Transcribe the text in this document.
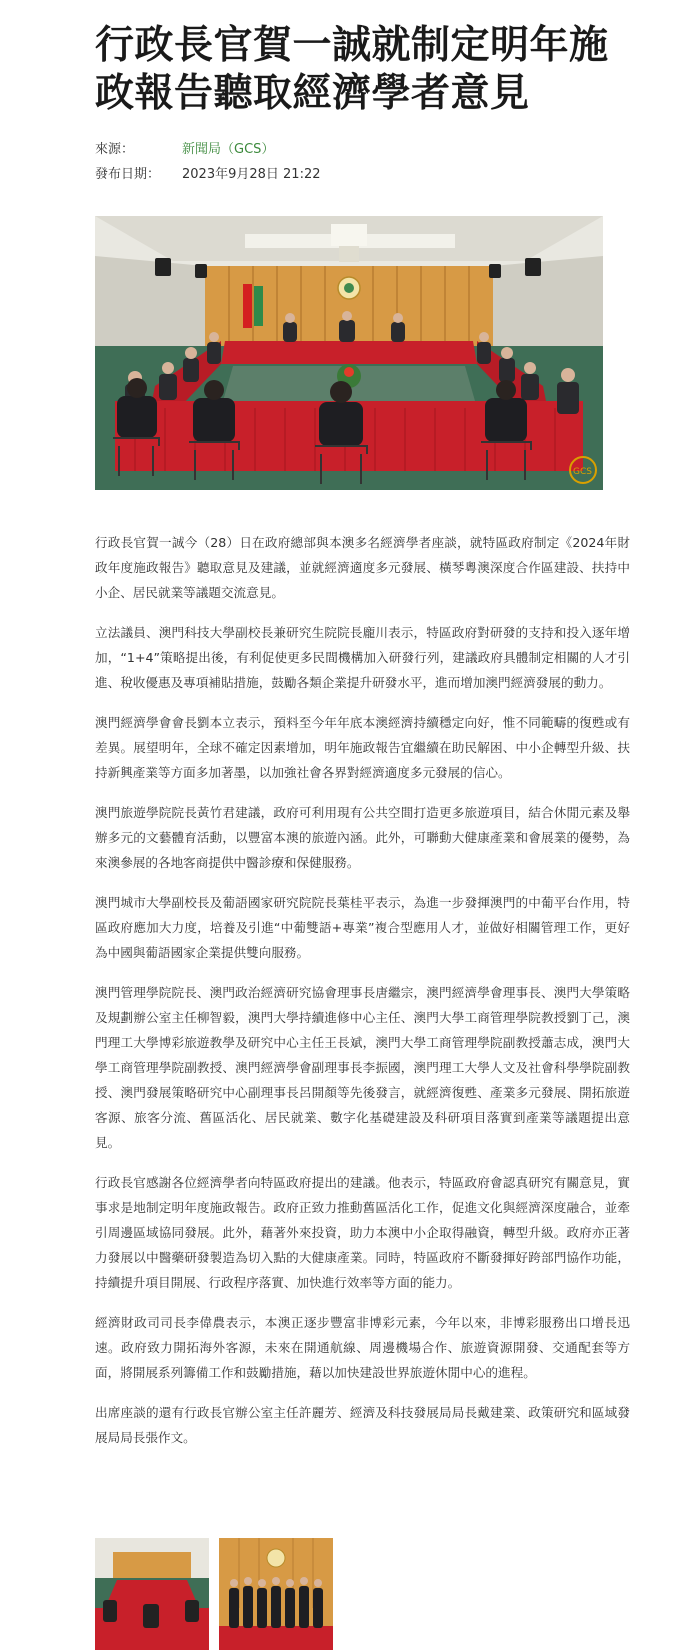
行政長官賀一誠就制定明年施政報告聽取經濟學者意見
來源：	新聞局（GCS）
發布日期： 2023年9月28日 21:22
GCS

行政長官賀一誠今（28）日在政府總部與本澳多名經濟學者座談，就特區政府制定《2024年財政年度施政報告》聽取意見及建議，並就經濟適度多元發展、橫琴粵澳深度合作區建設、扶持中小企、居民就業等議題交流意見。

立法議員、澳門科技大學副校長兼研究生院院長龐川表示，特區政府對研發的支持和投入逐年增加，“1+4”策略提出後，有利促使更多民間機構加入研發行列，建議政府具體制定相關的人才引進、稅收優惠及專項補貼措施，鼓勵各類企業提升研發水平，進而增加澳門經濟發展的動力。

澳門經濟學會會長劉本立表示，預料至今年年底本澳經濟持續穩定向好，惟不同範疇的復甦或有差異。展望明年，全球不確定因素增加，明年施政報告宜繼續在助民解困、中小企轉型升級、扶持新興產業等方面多加著墨，以加強社會各界對經濟適度多元發展的信心。

澳門旅遊學院院長黃竹君建議，政府可利用現有公共空間打造更多旅遊項目，結合休閒元素及舉辦多元的文藝體育活動，以豐富本澳的旅遊內涵。此外，可聯動大健康產業和會展業的優勢，為來澳參展的各地客商提供中醫診療和保健服務。

澳門城市大學副校長及葡語國家研究院院長葉桂平表示，為進一步發揮澳門的中葡平台作用，特區政府應加大力度，培養及引進“中葡雙語+專業”複合型應用人才，並做好相關管理工作，更好為中國與葡語國家企業提供雙向服務。

澳門管理學院院長、澳門政治經濟研究協會理事長唐繼宗，澳門經濟學會理事長、澳門大學策略及規劃辦公室主任柳智毅，澳門大學持續進修中心主任、澳門大學工商管理學院教授劉丁己，澳門理工大學博彩旅遊教學及研究中心主任王長斌，澳門大學工商管理學院副教授蕭志成，澳門大學工商管理學院副教授、澳門經濟學會副理事長李振國，澳門理工大學人文及社會科學學院副教授、澳門發展策略研究中心副理事長呂開顏等先後發言，就經濟復甦、產業多元發展、開拓旅遊客源、旅客分流、舊區活化、居民就業、數字化基礎建設及科研項目落實到產業等議題提出意見。

行政長官感謝各位經濟學者向特區政府提出的建議。他表示，特區政府會認真研究有關意見，實事求是地制定明年度施政報告。政府正致力推動舊區活化工作，促進文化與經濟深度融合，並牽引周邊區域協同發展。此外，藉著外來投資，助力本澳中小企取得融資，轉型升級。政府亦正著力發展以中醫藥研發製造為切入點的大健康產業。同時，特區政府不斷發揮好跨部門協作功能，持續提升項目開展、行政程序落實、加快進行效率等方面的能力。

經濟財政司司長李偉農表示，本澳正逐步豐富非博彩元素，今年以來，非博彩服務出口增長迅速。政府致力開拓海外客源，未來在開通航線、周邊機場合作、旅遊資源開發、交通配套等方面，將開展系列籌備工作和鼓勵措施，藉以加快建設世界旅遊休閒中心的進程。

出席座談的還有行政長官辦公室主任許麗芳、經濟及科技發展局局長戴建業、政策研究和區域發展局局長張作文。
